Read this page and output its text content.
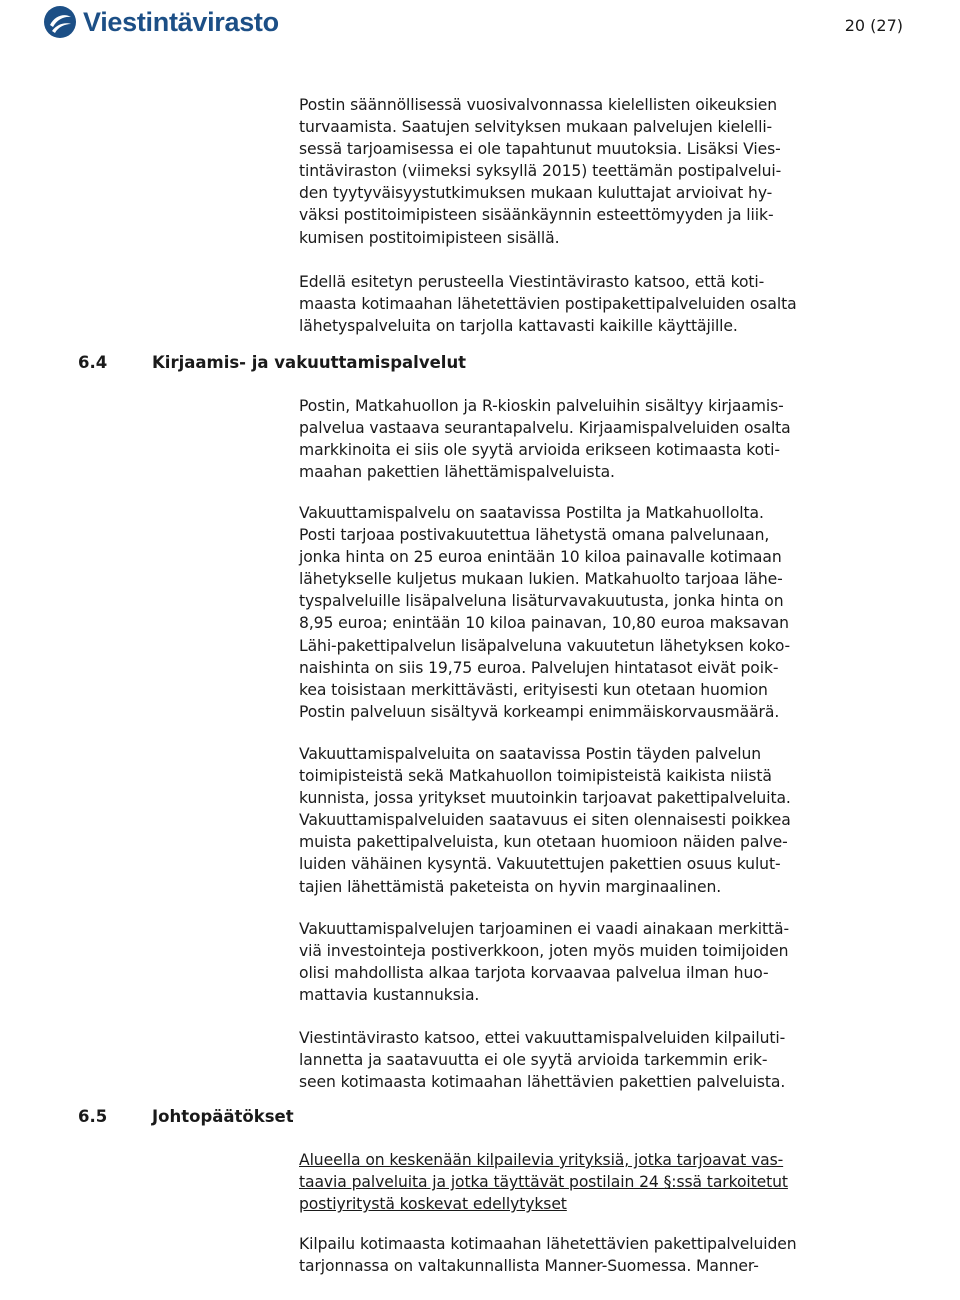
Viestintävirasto	20 (27)

Postin säännöllisessä vuosivalvonnassa kielellisten oikeuksien
turvaamista. Saatujen selvityksen mukaan palvelujen kielelli-
sessä tarjoamisessa ei ole tapahtunut muutoksia. Lisäksi Vies-
tintäviraston (viimeksi syksyllä 2015) teettämän postipalvelui-
den tyytyväisyystutkimuksen mukaan kuluttajat arvioivat hy-
väksi postitoimipisteen sisäänkäynnin esteettömyyden ja liik-
kumisen postitoimipisteen sisällä.

Edellä esitetyn perusteella Viestintävirasto katsoo, että koti-
maasta kotimaahan lähetettävien postipakettipalveluiden osalta
lähetyspalveluita on tarjolla kattavasti kaikille käyttäjille.

6.4	Kirjaamis- ja vakuuttamispalvelut

Postin, Matkahuollon ja R-kioskin palveluihin sisältyy kirjaamis-
palvelua vastaava seurantapalvelu. Kirjaamispalveluiden osalta
markkinoita ei siis ole syytä arvioida erikseen kotimaasta koti-
maahan pakettien lähettämispalveluista.

Vakuuttamispalvelu on saatavissa Postilta ja Matkahuollolta.
Posti tarjoaa postivakuutettua lähetystä omana palvelunaan,
jonka hinta on 25 euroa enintään 10 kiloa painavalle kotimaan
lähetykselle kuljetus mukaan lukien. Matkahuolto tarjoaa lähe-
tyspalveluille lisäpalveluna lisäturvavakuutusta, jonka hinta on
8,95 euroa; enintään 10 kiloa painavan, 10,80 euroa maksavan
Lähi-pakettipalvelun lisäpalveluna vakuutetun lähetyksen koko-
naishinta on siis 19,75 euroa. Palvelujen hintatasot eivät poik-
kea toisistaan merkittävästi, erityisesti kun otetaan huomion
Postin palveluun sisältyvä korkeampi enimmäiskorvausmäärä.

Vakuuttamispalveluita on saatavissa Postin täyden palvelun
toimipisteistä sekä Matkahuollon toimipisteistä kaikista niistä
kunnista, jossa yritykset muutoinkin tarjoavat pakettipalveluita.
Vakuuttamispalveluiden saatavuus ei siten olennaisesti poikkea
muista pakettipalveluista, kun otetaan huomioon näiden palve-
luiden vähäinen kysyntä. Vakuutettujen pakettien osuus kulut-
tajien lähettämistä paketeista on hyvin marginaalinen.

Vakuuttamispalvelujen tarjoaminen ei vaadi ainakaan merkittä-
viä investointeja postiverkkoon, joten myös muiden toimijoiden
olisi mahdollista alkaa tarjota korvaavaa palvelua ilman huo-
mattavia kustannuksia.

Viestintävirasto katsoo, ettei vakuuttamispalveluiden kilpailuti-
lannetta ja saatavuutta ei ole syytä arvioida tarkemmin erik-
seen kotimaasta kotimaahan lähettävien pakettien palveluista.

6.5	Johtopäätökset

Alueella on keskenään kilpailevia yrityksiä, jotka tarjoavat vas-
taavia palveluita ja jotka täyttävät postilain 24 §:ssä tarkoitetut
postiyritystä koskevat edellytykset

Kilpailu kotimaasta kotimaahan lähetettävien pakettipalveluiden
tarjonnassa on valtakunnallista Manner-Suomessa. Manner-
